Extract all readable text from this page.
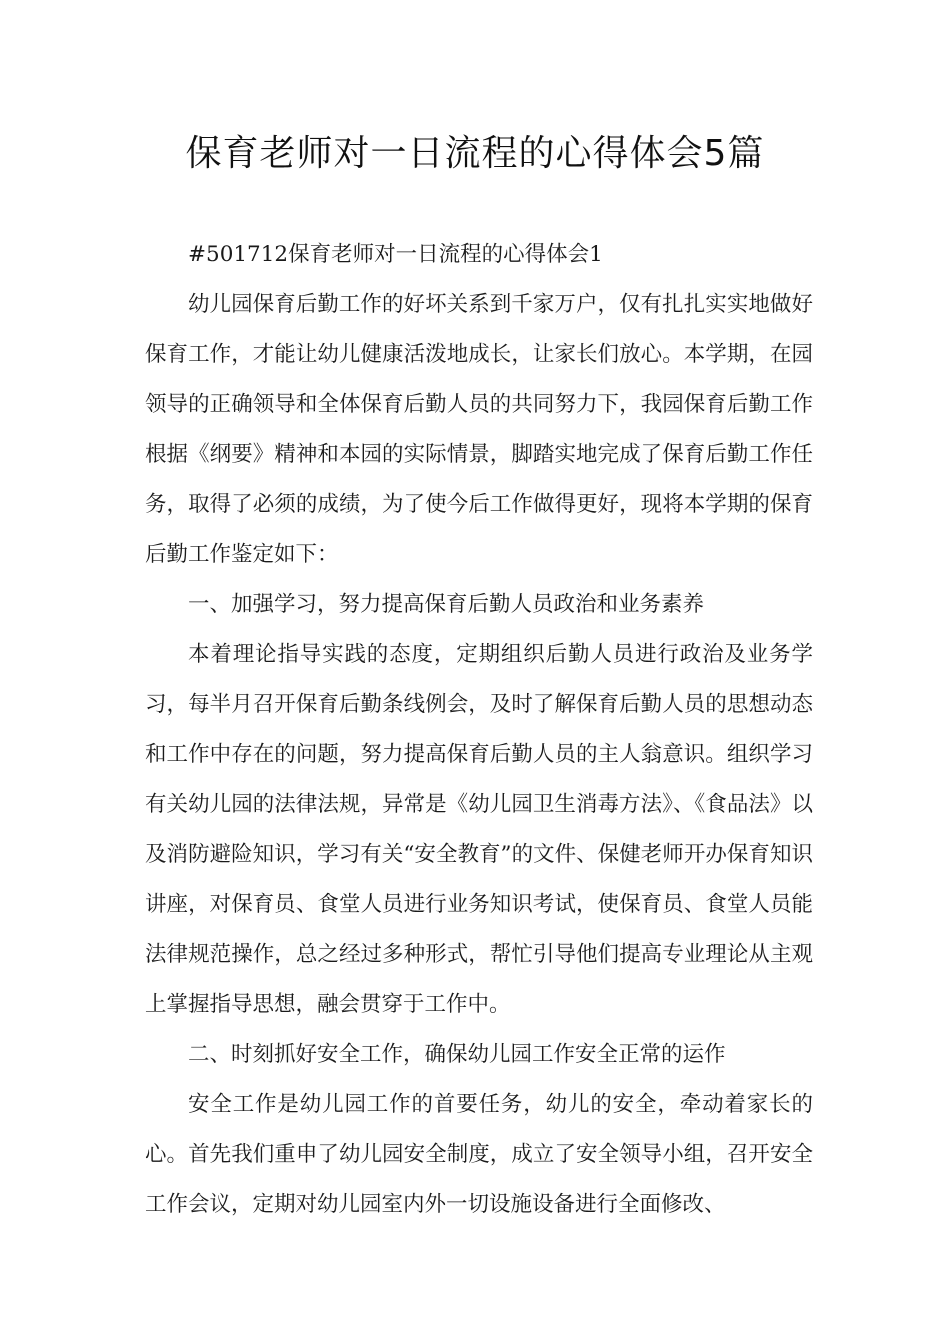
保育老师对一日流程的心得体会5篇

#501712保育老师对一日流程的心得体会1

幼儿园保育后勤工作的好坏关系到千家万户，仅有扎扎实实地做好保育工作，才能让幼儿健康活泼地成长，让家长们放心。本学期，在园领导的正确领导和全体保育后勤人员的共同努力下，我园保育后勤工作根据《纲要》精神和本园的实际情景，脚踏实地完成了保育后勤工作任务，取得了必须的成绩，为了使今后工作做得更好，现将本学期的保育后勤工作鉴定如下：

一、加强学习，努力提高保育后勤人员政治和业务素养

本着理论指导实践的态度，定期组织后勤人员进行政治及业务学习，每半月召开保育后勤条线例会，及时了解保育后勤人员的思想动态和工作中存在的问题，努力提高保育后勤人员的主人翁意识。组织学习有关幼儿园的法律法规，异常是《幼儿园卫生消毒方法》、《食品法》以及消防避险知识，学习有关“安全教育”的文件、保健老师开办保育知识讲座，对保育员、食堂人员进行业务知识考试，使保育员、食堂人员能法律规范操作，总之经过多种形式，帮忙引导他们提高专业理论从主观上掌握指导思想，融会贯穿于工作中。

二、时刻抓好安全工作，确保幼儿园工作安全正常的运作

安全工作是幼儿园工作的首要任务，幼儿的安全，牵动着家长的心。首先我们重申了幼儿园安全制度，成立了安全领导小组，召开安全工作会议，定期对幼儿园室内外一切设施设备进行全面修改、
